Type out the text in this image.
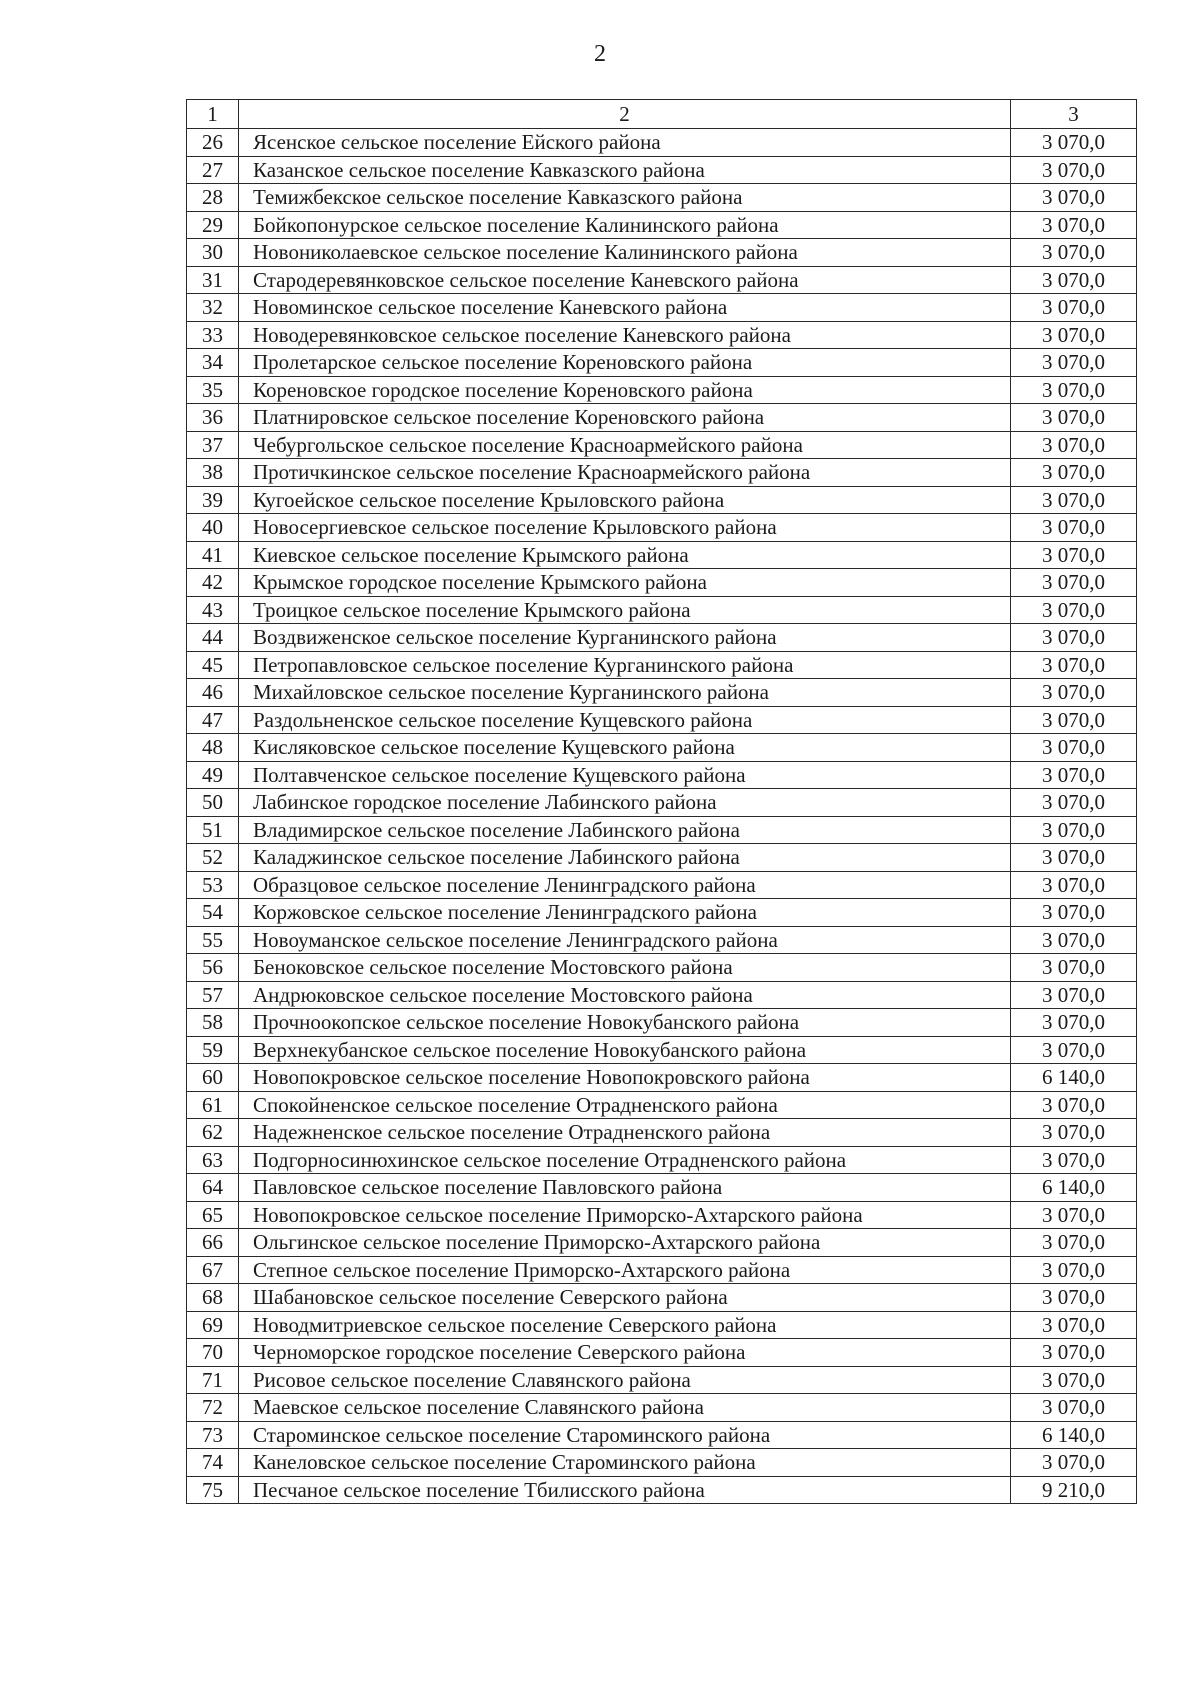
2
1	2	3
26	Ясенское сельское поселение Ейского района	3 070,0
27	Казанское сельское поселение Кавказского района	3 070,0
28	Темижбекское сельское поселение Кавказского района	3 070,0
29	Бойкопонурское сельское поселение Калининского района	3 070,0
30	Новониколаевское сельское поселение Калининского района	3 070,0
31	Стародеревянковское сельское поселение Каневского района	3 070,0
32	Новоминское сельское поселение Каневского района	3 070,0
33	Новодеревянковское сельское поселение Каневского района	3 070,0
34	Пролетарское сельское поселение Кореновского района	3 070,0
35	Кореновское городское поселение Кореновского района	3 070,0
36	Платнировское сельское поселение Кореновского района	3 070,0
37	Чебургольское сельское поселение Красноармейского района	3 070,0
38	Протичкинское сельское поселение Красноармейского района	3 070,0
39	Кугоейское сельское поселение Крыловского района	3 070,0
40	Новосергиевское сельское поселение Крыловского района	3 070,0
41	Киевское сельское поселение Крымского района	3 070,0
42	Крымское городское поселение Крымского района	3 070,0
43	Троицкое сельское поселение Крымского района	3 070,0
44	Воздвиженское сельское поселение Курганинского района	3 070,0
45	Петропавловское сельское поселение Курганинского района	3 070,0
46	Михайловское сельское поселение Курганинского района	3 070,0
47	Раздольненское сельское поселение Кущевского района	3 070,0
48	Кисляковское сельское поселение Кущевского района	3 070,0
49	Полтавченское сельское поселение Кущевского района	3 070,0
50	Лабинское городское поселение Лабинского района	3 070,0
51	Владимирское сельское поселение Лабинского района	3 070,0
52	Каладжинское сельское поселение Лабинского района	3 070,0
53	Образцовое сельское поселение Ленинградского района	3 070,0
54	Коржовское сельское поселение Ленинградского района	3 070,0
55	Новоуманское сельское поселение Ленинградского района	3 070,0
56	Беноковское сельское поселение Мостовского района	3 070,0
57	Андрюковское сельское поселение Мостовского района	3 070,0
58	Прочноокопское сельское поселение Новокубанского района	3 070,0
59	Верхнекубанское сельское поселение Новокубанского района	3 070,0
60	Новопокровское сельское поселение Новопокровского района	6 140,0
61	Спокойненское сельское поселение Отрадненского района	3 070,0
62	Надежненское сельское поселение Отрадненского района	3 070,0
63	Подгорносинюхинское сельское поселение Отрадненского района	3 070,0
64	Павловское сельское поселение Павловского района	6 140,0
65	Новопокровское сельское поселение Приморско-Ахтарского района	3 070,0
66	Ольгинское сельское поселение Приморско-Ахтарского района	3 070,0
67	Степное сельское поселение Приморско-Ахтарского района	3 070,0
68	Шабановское сельское поселение Северского района	3 070,0
69	Новодмитриевское сельское поселение Северского района	3 070,0
70	Черноморское городское поселение Северского района	3 070,0
71	Рисовое сельское поселение Славянского района	3 070,0
72	Маевское сельское поселение Славянского района	3 070,0
73	Староминское сельское поселение Староминского района	6 140,0
74	Канеловское сельское поселение Староминского района	3 070,0
75	Песчаное сельское поселение Тбилисского района	9 210,0
